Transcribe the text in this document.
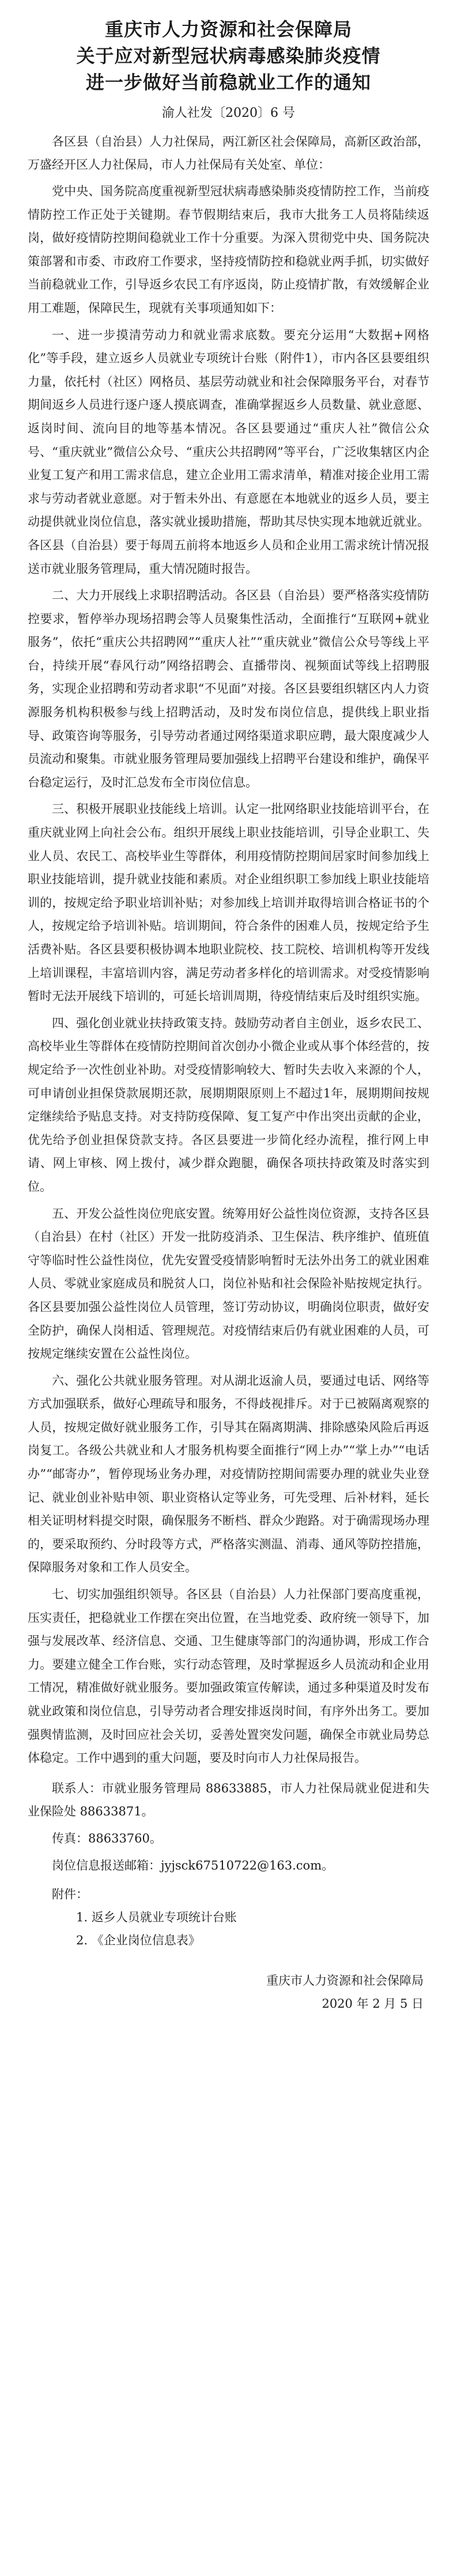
重庆市人力资源和社会保障局

关于应对新型冠状病毒感染肺炎疫情

进一步做好当前稳就业工作的通知

渝人社发〔2020〕6 号

各区县（自治县）人力社保局，两江新区社会保障局，高新区政治部，万盛经开区人力社保局，市人力社保局有关处室、单位：

党中央、国务院高度重视新型冠状病毒感染肺炎疫情防控工作，当前疫情防控工作正处于关键期。春节假期结束后，我市大批务工人员将陆续返岗，做好疫情防控期间稳就业工作十分重要。为深入贯彻党中央、国务院决策部署和市委、市政府工作要求，坚持疫情防控和稳就业两手抓，切实做好当前稳就业工作，引导返乡农民工有序返岗，防止疫情扩散，有效缓解企业用工难题，保障民生，现就有关事项通知如下：

一、进一步摸清劳动力和就业需求底数。要充分运用“大数据+网格化”等手段，建立返乡人员就业专项统计台账（附件1），市内各区县要组织力量，依托村（社区）网格员、基层劳动就业和社会保障服务平台，对春节期间返乡人员进行逐户逐人摸底调查，准确掌握返乡人员数量、就业意愿、返岗时间、流向目的地等基本情况。各区县要通过“重庆人社”微信公众号、“重庆就业”微信公众号、“重庆公共招聘网”等平台，广泛收集辖区内企业复工复产和用工需求信息，建立企业用工需求清单，精准对接企业用工需求与劳动者就业意愿。对于暂未外出、有意愿在本地就业的返乡人员，要主动提供就业岗位信息，落实就业援助措施，帮助其尽快实现本地就近就业。各区县（自治县）要于每周五前将本地返乡人员和企业用工需求统计情况报送市就业服务管理局，重大情况随时报告。

二、大力开展线上求职招聘活动。各区县（自治县）要严格落实疫情防控要求，暂停举办现场招聘会等人员聚集性活动，全面推行“互联网+就业服务”，依托“重庆公共招聘网”“重庆人社”“重庆就业”微信公众号等线上平台，持续开展“春风行动”网络招聘会、直播带岗、视频面试等线上招聘服务，实现企业招聘和劳动者求职“不见面”对接。各区县要组织辖区内人力资源服务机构积极参与线上招聘活动，及时发布岗位信息，提供线上职业指导、政策咨询等服务，引导劳动者通过网络渠道求职应聘，最大限度减少人员流动和聚集。市就业服务管理局要加强线上招聘平台建设和维护，确保平台稳定运行，及时汇总发布全市岗位信息。

三、积极开展职业技能线上培训。认定一批网络职业技能培训平台，在重庆就业网上向社会公布。组织开展线上职业技能培训，引导企业职工、失业人员、农民工、高校毕业生等群体，利用疫情防控期间居家时间参加线上职业技能培训，提升就业技能和素质。对企业组织职工参加线上职业技能培训的，按规定给予职业培训补贴；对参加线上培训并取得培训合格证书的个人，按规定给予培训补贴。培训期间，符合条件的困难人员，按规定给予生活费补贴。各区县要积极协调本地职业院校、技工院校、培训机构等开发线上培训课程，丰富培训内容，满足劳动者多样化的培训需求。对受疫情影响暂时无法开展线下培训的，可延长培训周期，待疫情结束后及时组织实施。

四、强化创业就业扶持政策支持。鼓励劳动者自主创业，返乡农民工、高校毕业生等群体在疫情防控期间首次创办小微企业或从事个体经营的，按规定给予一次性创业补助。对受疫情影响较大、暂时失去收入来源的个人，可申请创业担保贷款展期还款，展期期限原则上不超过1年，展期期间按规定继续给予贴息支持。对支持防疫保障、复工复产中作出突出贡献的企业，优先给予创业担保贷款支持。各区县要进一步简化经办流程，推行网上申请、网上审核、网上拨付，减少群众跑腿，确保各项扶持政策及时落实到位。

五、开发公益性岗位兜底安置。统筹用好公益性岗位资源，支持各区县（自治县）在村（社区）开发一批防疫消杀、卫生保洁、秩序维护、值班值守等临时性公益性岗位，优先安置受疫情影响暂时无法外出务工的就业困难人员、零就业家庭成员和脱贫人口，岗位补贴和社会保险补贴按规定执行。各区县要加强公益性岗位人员管理，签订劳动协议，明确岗位职责，做好安全防护，确保人岗相适、管理规范。对疫情结束后仍有就业困难的人员，可按规定继续安置在公益性岗位。

六、强化公共就业服务管理。对从湖北返渝人员，要通过电话、网络等方式加强联系，做好心理疏导和服务，不得歧视排斥。对于已被隔离观察的人员，按规定做好就业服务工作，引导其在隔离期满、排除感染风险后再返岗复工。各级公共就业和人才服务机构要全面推行“网上办”“掌上办”“电话办”“邮寄办”，暂停现场业务办理，对疫情防控期间需要办理的就业失业登记、就业创业补贴申领、职业资格认定等业务，可先受理、后补材料，延长相关证明材料提交时限，确保服务不断档、群众少跑路。对于确需现场办理的，要采取预约、分时段等方式，严格落实测温、消毒、通风等防控措施，保障服务对象和工作人员安全。

七、切实加强组织领导。各区县（自治县）人力社保部门要高度重视，压实责任，把稳就业工作摆在突出位置，在当地党委、政府统一领导下，加强与发展改革、经济信息、交通、卫生健康等部门的沟通协调，形成工作合力。要建立健全工作台账，实行动态管理，及时掌握返乡人员流动和企业用工情况，精准做好就业服务。要加强政策宣传解读，通过多种渠道及时发布就业政策和岗位信息，引导劳动者合理安排返岗时间，有序外出务工。要加强舆情监测，及时回应社会关切，妥善处置突发问题，确保全市就业局势总体稳定。工作中遇到的重大问题，要及时向市人力社保局报告。

联系人：市就业服务管理局 88633885，市人力社保局就业促进和失业保险处 88633871。

传真：88633760。

岗位信息报送邮箱：jyjsck67510722@163.com。

附件：

1. 返乡人员就业专项统计台账

2. 《企业岗位信息表》

重庆市人力资源和社会保障局

2020 年 2 月 5 日
